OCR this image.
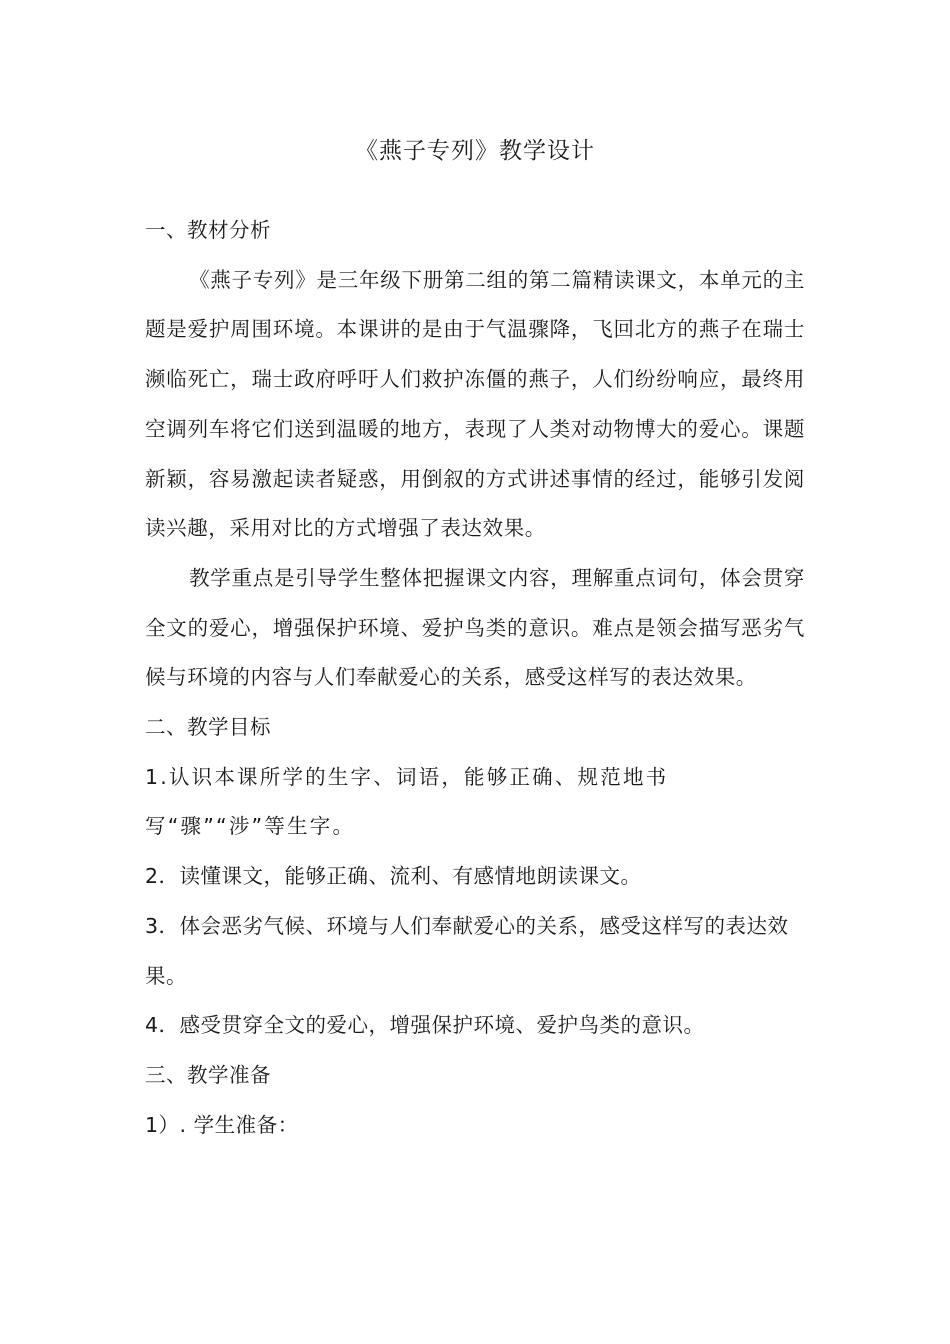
《燕子专列》教学设计

一、教材分析

《燕子专列》是三年级下册第二组的第二篇精读课文，本单元的主题是爱护周围环境。本课讲的是由于气温骤降，飞回北方的燕子在瑞士濒临死亡，瑞士政府呼吁人们救护冻僵的燕子，人们纷纷响应，最终用空调列车将它们送到温暖的地方，表现了人类对动物博大的爱心。课题新颖，容易激起读者疑惑，用倒叙的方式讲述事情的经过，能够引发阅读兴趣，采用对比的方式增强了表达效果。

教学重点是引导学生整体把握课文内容，理解重点词句，体会贯穿全文的爱心，增强保护环境、爱护鸟类的意识。难点是领会描写恶劣气候与环境的内容与人们奉献爱心的关系，感受这样写的表达效果。

二、教学目标

1.认识本课所学的生字、词语，能够正确、规范地书写“骤”“涉”等生字。

2．读懂课文，能够正确、流利、有感情地朗读课文。

3．体会恶劣气候、环境与人们奉献爱心的关系，感受这样写的表达效果。

4．感受贯穿全文的爱心，增强保护环境、爱护鸟类的意识。

三、教学准备

1）. 学生准备：
